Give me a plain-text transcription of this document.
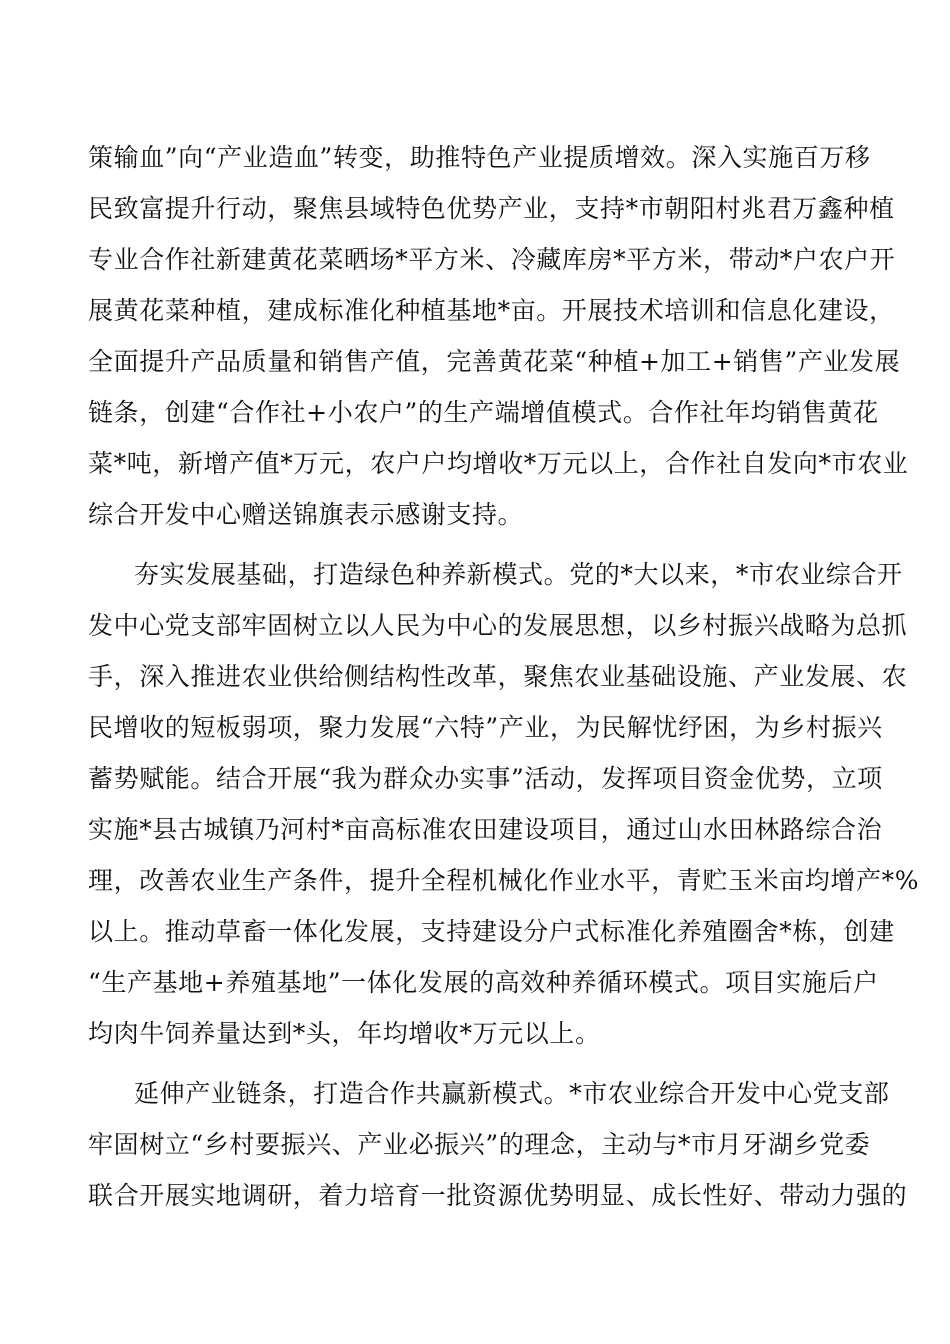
策输血”向“产业造血”转变，助推特色产业提质增效。深入实施百万移
民致富提升行动，聚焦县域特色优势产业，支持*市朝阳村兆君万鑫种植
专业合作社新建黄花菜晒场*平方米、冷藏库房*平方米，带动*户农户开
展黄花菜种植，建成标准化种植基地*亩。开展技术培训和信息化建设，
全面提升产品质量和销售产值，完善黄花菜“种植+加工+销售”产业发展
链条，创建“合作社+小农户”的生产端增值模式。合作社年均销售黄花
菜*吨，新增产值*万元，农户户均增收*万元以上，合作社自发向*市农业
综合开发中心赠送锦旗表示感谢支持。
夯实发展基础，打造绿色种养新模式。党的*大以来，*市农业综合开
发中心党支部牢固树立以人民为中心的发展思想，以乡村振兴战略为总抓
手，深入推进农业供给侧结构性改革，聚焦农业基础设施、产业发展、农
民增收的短板弱项，聚力发展“六特”产业，为民解忧纾困，为乡村振兴
蓄势赋能。结合开展“我为群众办实事”活动，发挥项目资金优势，立项
实施*县古城镇乃河村*亩高标准农田建设项目，通过山水田林路综合治
理，改善农业生产条件，提升全程机械化作业水平，青贮玉米亩均增产*%
以上。推动草畜一体化发展，支持建设分户式标准化养殖圈舍*栋，创建
“生产基地+养殖基地”一体化发展的高效种养循环模式。项目实施后户
均肉牛饲养量达到*头，年均增收*万元以上。
延伸产业链条，打造合作共赢新模式。*市农业综合开发中心党支部
牢固树立“乡村要振兴、产业必振兴”的理念，主动与*市月牙湖乡党委
联合开展实地调研，着力培育一批资源优势明显、成长性好、带动力强的
